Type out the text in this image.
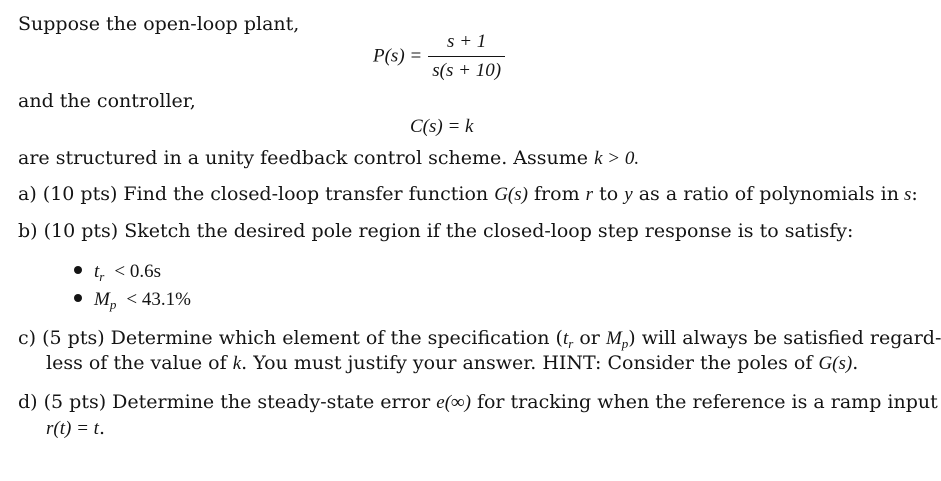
Suppose the open-loop plant,
$P(s) = \frac{s + 1}{s(s + 10)}$
and the controller,
C(s) = k
are structured in a unity feedback control scheme. Assume k > 0.
a) (10 pts) Find the closed-loop transfer function G(s) from r to y as a ratio of polynomials in s:
b) (10 pts) Sketch the desired pole region if the closed-loop step response is to satisfy:
$t_r < 0.6s$
$M_p < 43.1\%$
c) (5 pts) Determine which element of the specification ($t_r$ or $M_p$) will always be satisfied regard-
less of the value of k. You must justify your answer. HINT: Consider the poles of G(s).
d) (5 pts) Determine the steady-state error e(∞) for tracking when the reference is a ramp input
r(t) = t.
